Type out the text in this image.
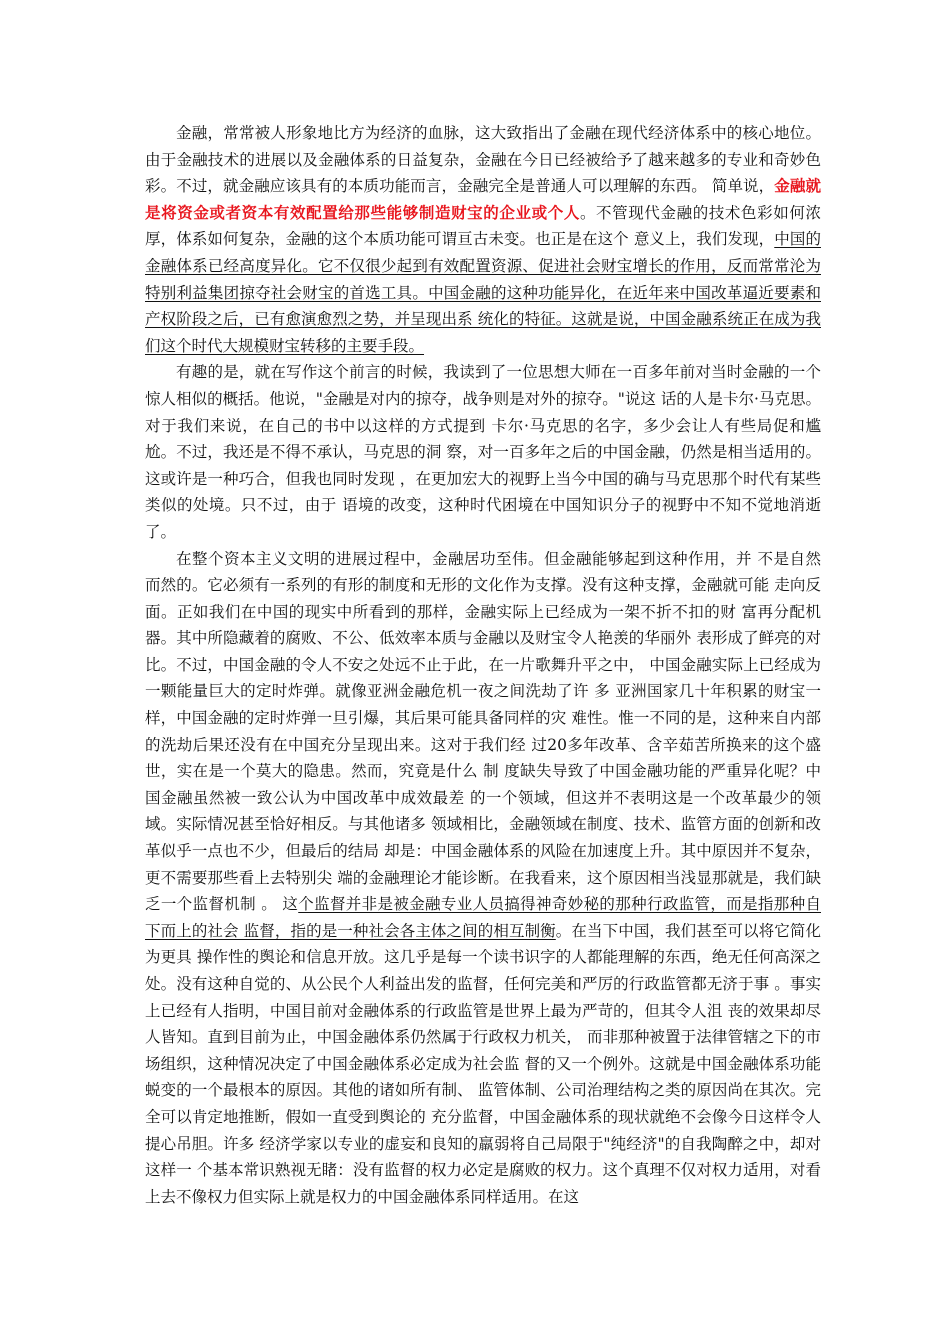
金融，常常被人形象地比方为经济的血脉，这大致指出了金融在现代经济体系中的核心地位。由于金融技术的进展以及金融体系的日益复杂，金融在今日已经被给予了越来越多的专业和奇妙色彩。不过，就金融应该具有的本质功能而言，金融完全是普通人可以理解的东西。 简单说，金融就是将资金或者资本有效配置给那些能够制造财宝的企业或个人。不管现代金融的技术色彩如何浓厚，体系如何复杂，金融的这个本质功能可谓亘古未变。也正是在这个 意义上，我们发现，中国的金融体系已经高度异化。它不仅很少起到有效配置资源、促进社会财宝增长的作用，反而常常沦为特别利益集团掠夺社会财宝的首选工具。中国金融的这种功能异化，在近年来中国改革逼近要素和产权阶段之后，已有愈演愈烈之势，并呈现出系 统化的特征。这就是说，中国金融系统正在成为我们这个时代大规模财宝转移的主要手段。

有趣的是，就在写作这个前言的时候，我读到了一位思想大师在一百多年前对当时金融的一个惊人相似的概括。他说，"金融是对内的掠夺，战争则是对外的掠夺。"说这 话的人是卡尔·马克思。对于我们来说，在自己的书中以这样的方式提到 卡尔·马克思的名字，多少会让人有些局促和尴尬。不过，我还是不得不承认，马克思的洞 察，对一百多年之后的中国金融，仍然是相当适用的。这或许是一种巧合，但我也同时发现 ，在更加宏大的视野上当今中国的确与马克思那个时代有某些类似的处境。只不过，由于 语境的改变，这种时代困境在中国知识分子的视野中不知不觉地消逝了。

在整个资本主义文明的进展过程中，金融居功至伟。但金融能够起到这种作用，并 不是自然 而然的。它必须有一系列的有形的制度和无形的文化作为支撑。没有这种支撑，金融就可能 走向反面。正如我们在中国的现实中所看到的那样，金融实际上已经成为一架不折不扣的财 富再分配机器。其中所隐藏着的腐败、不公、低效率本质与金融以及财宝令人艳羡的华丽外 表形成了鲜亮的对比。不过，中国金融的令人不安之处远不止于此，在一片歌舞升平之中， 中国金融实际上已经成为一颗能量巨大的定时炸弹。就像亚洲金融危机一夜之间洗劫了许 多 亚洲国家几十年积累的财宝一样，中国金融的定时炸弹一旦引爆，其后果可能具备同样的灾 难性。惟一不同的是，这种来自内部的洗劫后果还没有在中国充分呈现出来。这对于我们经 过20多年改革、含辛茹苦所换来的这个盛世，实在是一个莫大的隐患。然而，究竟是什么 制 度缺失导致了中国金融功能的严重异化呢？中国金融虽然被一致公认为中国改革中成效最差 的一个领域，但这并不表明这是一个改革最少的领域。实际情况甚至恰好相反。与其他诸多 领域相比，金融领域在制度、技术、监管方面的创新和改革似乎一点也不少，但最后的结局 却是：中国金融体系的风险在加速度上升。其中原因并不复杂，更不需要那些看上去特别尖 端的金融理论才能诊断。在我看来，这个原因相当浅显那就是，我们缺乏一个监督机制 。 这个监督并非是被金融专业人员搞得神奇妙秘的那种行政监管，而是指那种自下而上的社会 监督，指的是一种社会各主体之间的相互制衡。在当下中国，我们甚至可以将它简化为更具 操作性的舆论和信息开放。这几乎是每一个读书识字的人都能理解的东西，绝无任何高深之 处。没有这种自觉的、从公民个人利益出发的监督，任何完美和严厉的行政监管都无济于事 。事实上已经有人指明，中国目前对金融体系的行政监管是世界上最为严苛的，但其令人沮 丧的效果却尽人皆知。直到目前为止，中国金融体系仍然属于行政权力机关， 而非那种被置于法律管辖之下的市场组织，这种情况决定了中国金融体系必定成为社会监 督的又一个例外。这就是中国金融体系功能蜕变的一个最根本的原因。其他的诸如所有制、 监管体制、公司治理结构之类的原因尚在其次。完全可以肯定地推断，假如一直受到舆论的 充分监督，中国金融体系的现状就绝不会像今日这样令人提心吊胆。许多 经济学家以专业的虚妄和良知的羸弱将自己局限于"纯经济"的自我陶醉之中，却对这样一 个基本常识熟视无睹：没有监督的权力必定是腐败的权力。这个真理不仅对权力适用，对看 上去不像权力但实际上就是权力的中国金融体系同样适用。在这
